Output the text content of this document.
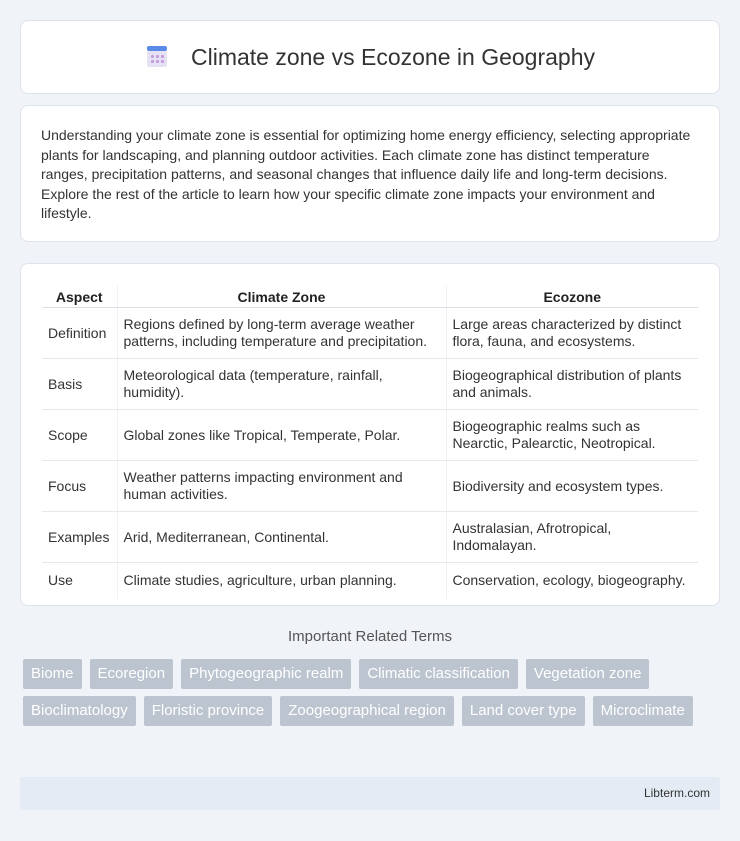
Climate zone vs Ecozone in Geography

Understanding your climate zone is essential for optimizing home energy efficiency, selecting appropriate plants for landscaping, and planning outdoor activities. Each climate zone has distinct temperature ranges, precipitation patterns, and seasonal changes that influence daily life and long-term decisions. Explore the rest of the article to learn how your specific climate zone impacts your environment and lifestyle.

Aspect	Climate Zone	Ecozone
Definition	Regions defined by long-term average weather patterns, including temperature and precipitation.	Large areas characterized by distinct flora, fauna, and ecosystems.
Basis	Meteorological data (temperature, rainfall, humidity).	Biogeographical distribution of plants and animals.
Scope	Global zones like Tropical, Temperate, Polar.	Biogeographic realms such as Nearctic, Palearctic, Neotropical.
Focus	Weather patterns impacting environment and human activities.	Biodiversity and ecosystem types.
Examples	Arid, Mediterranean, Continental.	Australasian, Afrotropical, Indomalayan.
Use	Climate studies, agriculture, urban planning.	Conservation, ecology, biogeography.
Important Related Terms
Biome	Ecoregion	Phytogeographic realm	Climatic classification	Vegetation zone
Bioclimatology	Floristic province	Zoogeographical region	Land cover type	Microclimate
Libterm.com
